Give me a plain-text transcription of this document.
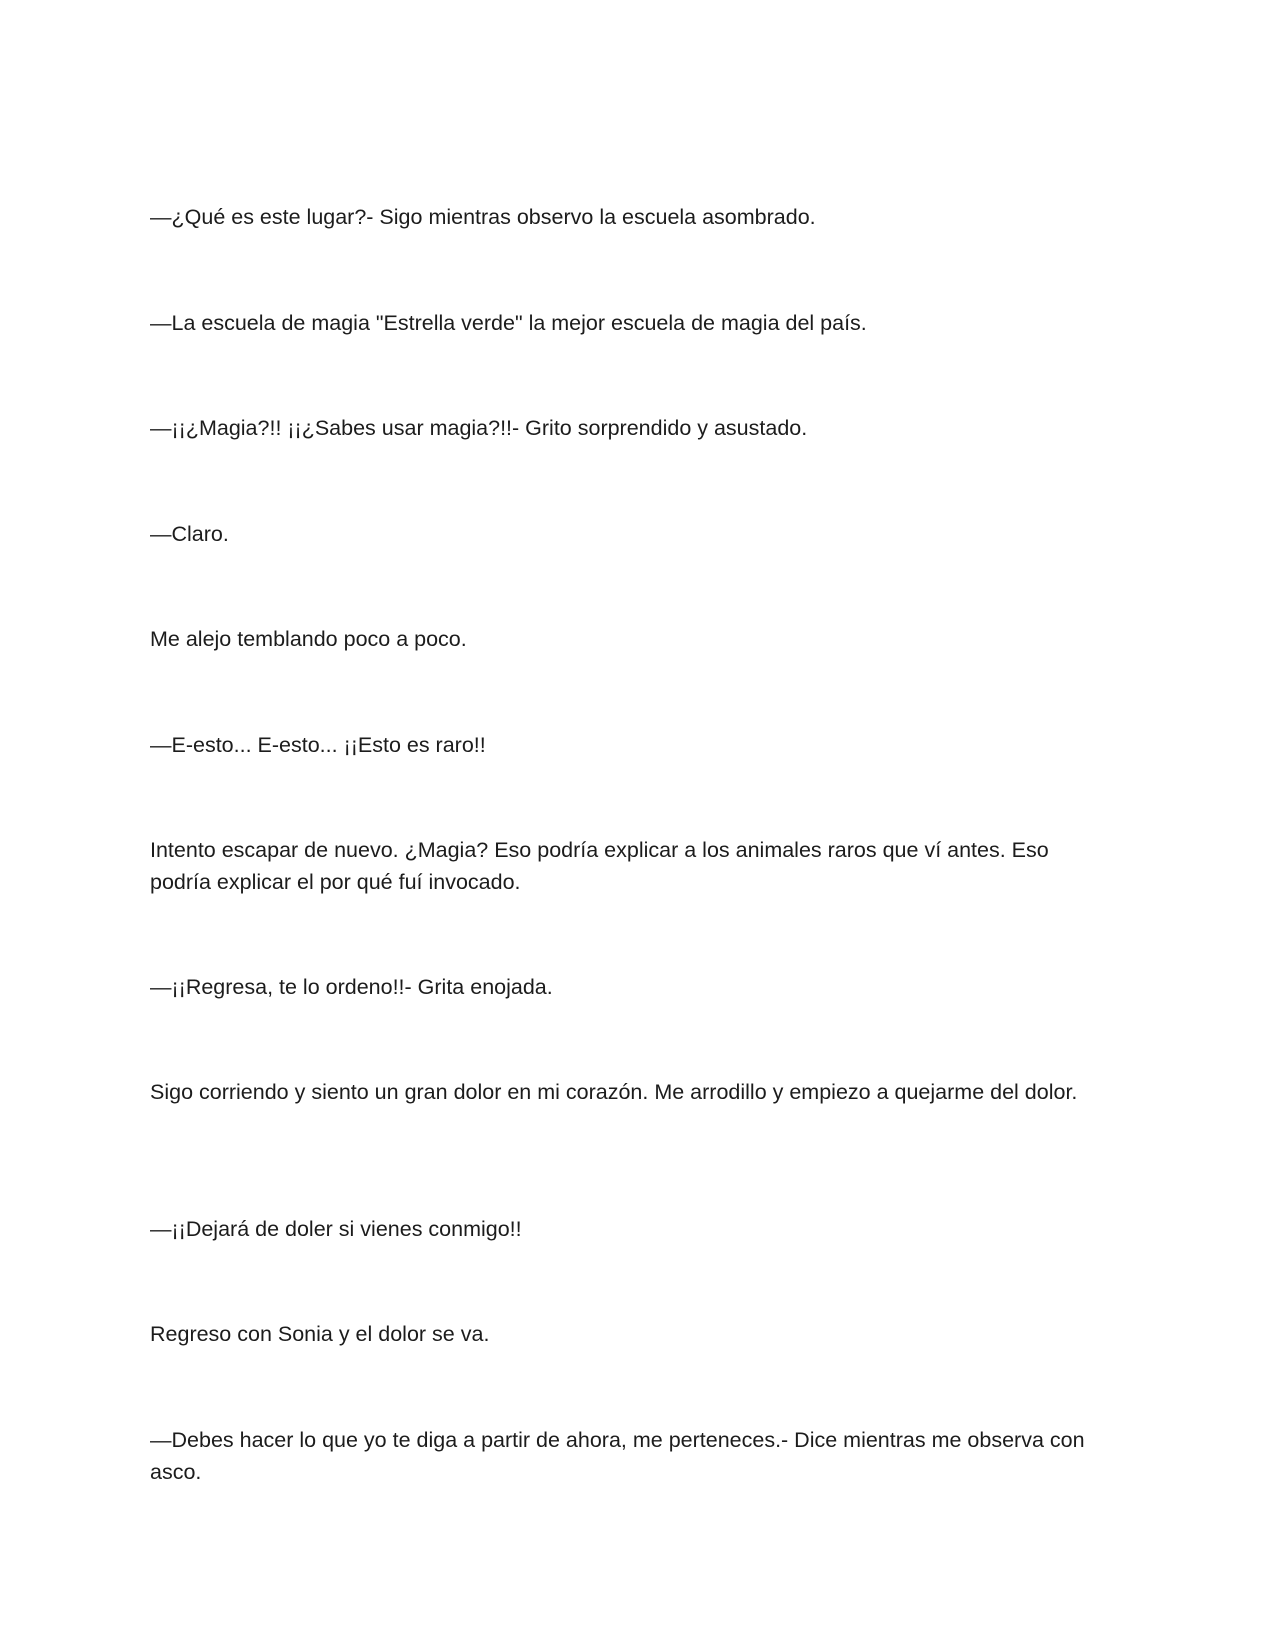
—¿Qué es este lugar?- Sigo mientras observo la escuela asombrado.

—La escuela de magia "Estrella verde" la mejor escuela de magia del país.

—¡¡¿Magia?!! ¡¡¿Sabes usar magia?!!- Grito sorprendido y asustado.

—Claro.

Me alejo temblando poco a poco.

—E-esto... E-esto... ¡¡Esto es raro!!

Intento escapar de nuevo. ¿Magia? Eso podría explicar a los animales raros que ví antes. Eso podría explicar el por qué fuí invocado.

—¡¡Regresa, te lo ordeno!!- Grita enojada.

Sigo corriendo y siento un gran dolor en mi corazón. Me arrodillo y empiezo a quejarme del dolor.

—¡¡Dejará de doler si vienes conmigo!!

Regreso con Sonia y el dolor se va.

—Debes hacer lo que yo te diga a partir de ahora, me perteneces.- Dice mientras me observa con asco.
